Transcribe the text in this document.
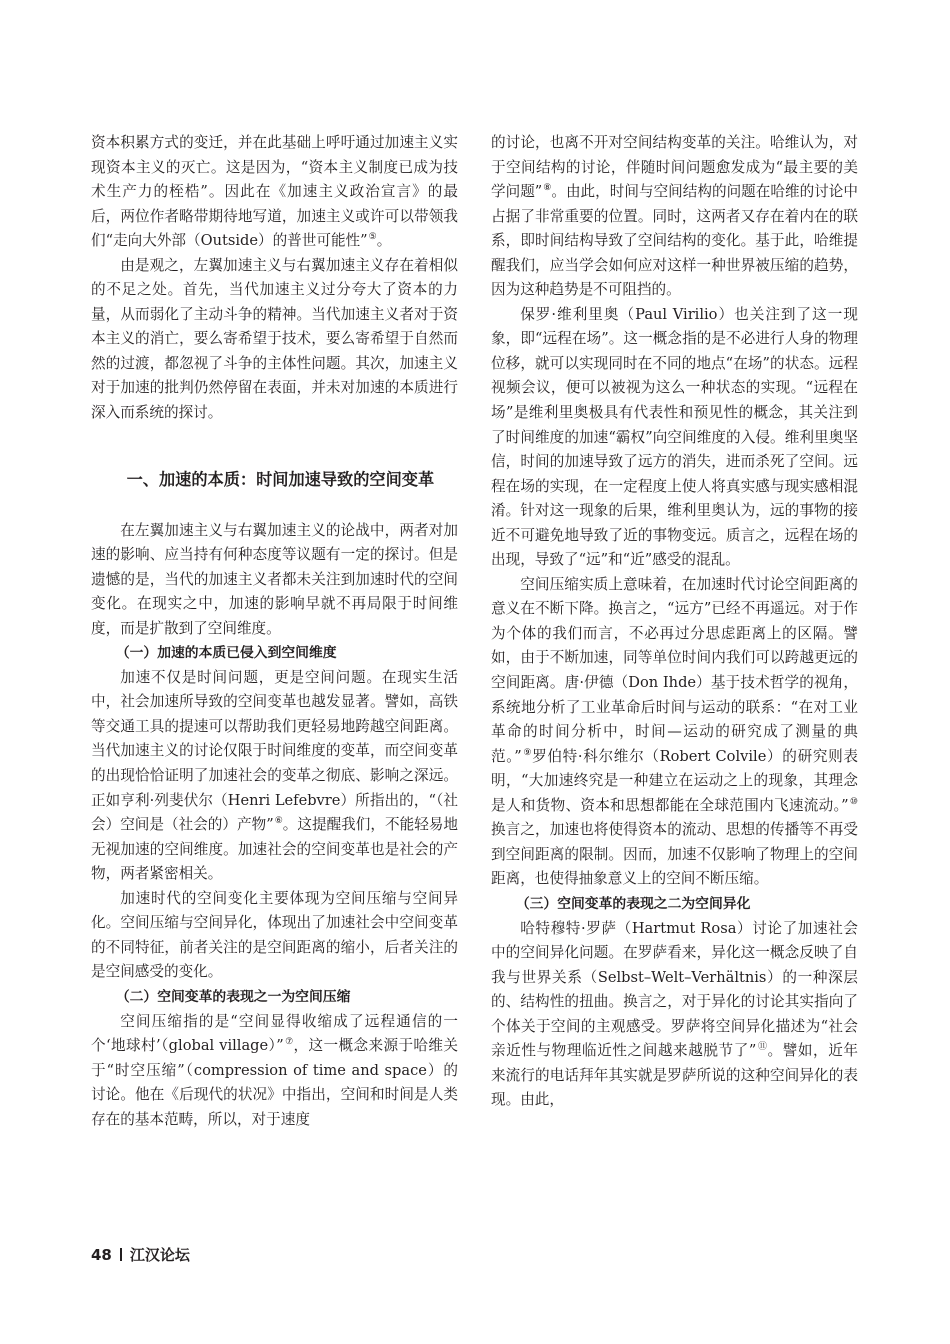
资本积累方式的变迁，并在此基础上呼吁通过加速主义实现资本主义的灭亡。这是因为，“资本主义制度已成为技术生产力的桎梏”。因此在《加速主义政治宣言》的最后，两位作者略带期待地写道，加速主义或许可以带领我们“走向大外部（Outside）的普世可能性”⑤。

由是观之，左翼加速主义与右翼加速主义存在着相似的不足之处。首先，当代加速主义过分夸大了资本的力量，从而弱化了主动斗争的精神。当代加速主义者对于资本主义的消亡，要么寄希望于技术，要么寄希望于自然而然的过渡，都忽视了斗争的主体性问题。其次，加速主义对于加速的批判仍然停留在表面，并未对加速的本质进行深入而系统的探讨。

一、加速的本质：时间加速导致的空间变革

在左翼加速主义与右翼加速主义的论战中，两者对加速的影响、应当持有何种态度等议题有一定的探讨。但是遗憾的是，当代的加速主义者都未关注到加速时代的空间变化。在现实之中，加速的影响早就不再局限于时间维度，而是扩散到了空间维度。

（一）加速的本质已侵入到空间维度

加速不仅是时间问题，更是空间问题。在现实生活中，社会加速所导致的空间变革也越发显著。譬如，高铁等交通工具的提速可以帮助我们更轻易地跨越空间距离。当代加速主义的讨论仅限于时间维度的变革，而空间变革的出现恰恰证明了加速社会的变革之彻底、影响之深远。正如亨利·列斐伏尔（Henri Lefebvre）所指出的，“（社会）空间是（社会的）产物”⑥。这提醒我们，不能轻易地无视加速的空间维度。加速社会的空间变革也是社会的产物，两者紧密相关。

加速时代的空间变化主要体现为空间压缩与空间异化。空间压缩与空间异化，体现出了加速社会中空间变革的不同特征，前者关注的是空间距离的缩小，后者关注的是空间感受的变化。

（二）空间变革的表现之一为空间压缩

空间压缩指的是“空间显得收缩成了远程通信的一个‘地球村’（global village）”⑦，这一概念来源于哈维关于“时空压缩”（compression of time and space）的讨论。他在《后现代的状况》中指出，空间和时间是人类存在的基本范畴，所以，对于速度

的讨论，也离不开对空间结构变革的关注。哈维认为，对于空间结构的讨论，伴随时间问题愈发成为“最主要的美学问题”⑧。由此，时间与空间结构的问题在哈维的讨论中占据了非常重要的位置。同时，这两者又存在着内在的联系，即时间结构导致了空间结构的变化。基于此，哈维提醒我们，应当学会如何应对这样一种世界被压缩的趋势，因为这种趋势是不可阻挡的。

保罗·维利里奥（Paul Virilio）也关注到了这一现象，即“远程在场”。这一概念指的是不必进行人身的物理位移，就可以实现同时在不同的地点“在场”的状态。远程视频会议，便可以被视为这么一种状态的实现。“远程在场”是维利里奥极具有代表性和预见性的概念，其关注到了时间维度的加速“霸权”向空间维度的入侵。维利里奥坚信，时间的加速导致了远方的消失，进而杀死了空间。远程在场的实现，在一定程度上使人将真实感与现实感相混淆。针对这一现象的后果，维利里奥认为，远的事物的接近不可避免地导致了近的事物变远。质言之，远程在场的出现，导致了“远”和“近”感受的混乱。

空间压缩实质上意味着，在加速时代讨论空间距离的意义在不断下降。换言之，“远方”已经不再遥远。对于作为个体的我们而言，不必再过分思虑距离上的区隔。譬如，由于不断加速，同等单位时间内我们可以跨越更远的空间距离。唐·伊德（Don Ihde）基于技术哲学的视角，系统地分析了工业革命后时间与运动的联系：“在对工业革命的时间分析中，时间—运动的研究成了测量的典范。”⑨罗伯特·科尔维尔（Robert Colvile）的研究则表明，“大加速终究是一种建立在运动之上的现象，其理念是人和货物、资本和思想都能在全球范围内飞速流动。”⑩换言之，加速也将使得资本的流动、思想的传播等不再受到空间距离的限制。因而，加速不仅影响了物理上的空间距离，也使得抽象意义上的空间不断压缩。

（三）空间变革的表现之二为空间异化

哈特穆特·罗萨（Hartmut Rosa）讨论了加速社会中的空间异化问题。在罗萨看来，异化这一概念反映了自我与世界关系（Selbst–Welt–Verhältnis）的一种深层的、结构性的扭曲。换言之，对于异化的讨论其实指向了个体关于空间的主观感受。罗萨将空间异化描述为“社会亲近性与物理临近性之间越来越脱节了”⑪。譬如，近年来流行的电话拜年其实就是罗萨所说的这种空间异化的表现。由此，

48 江汉论坛
